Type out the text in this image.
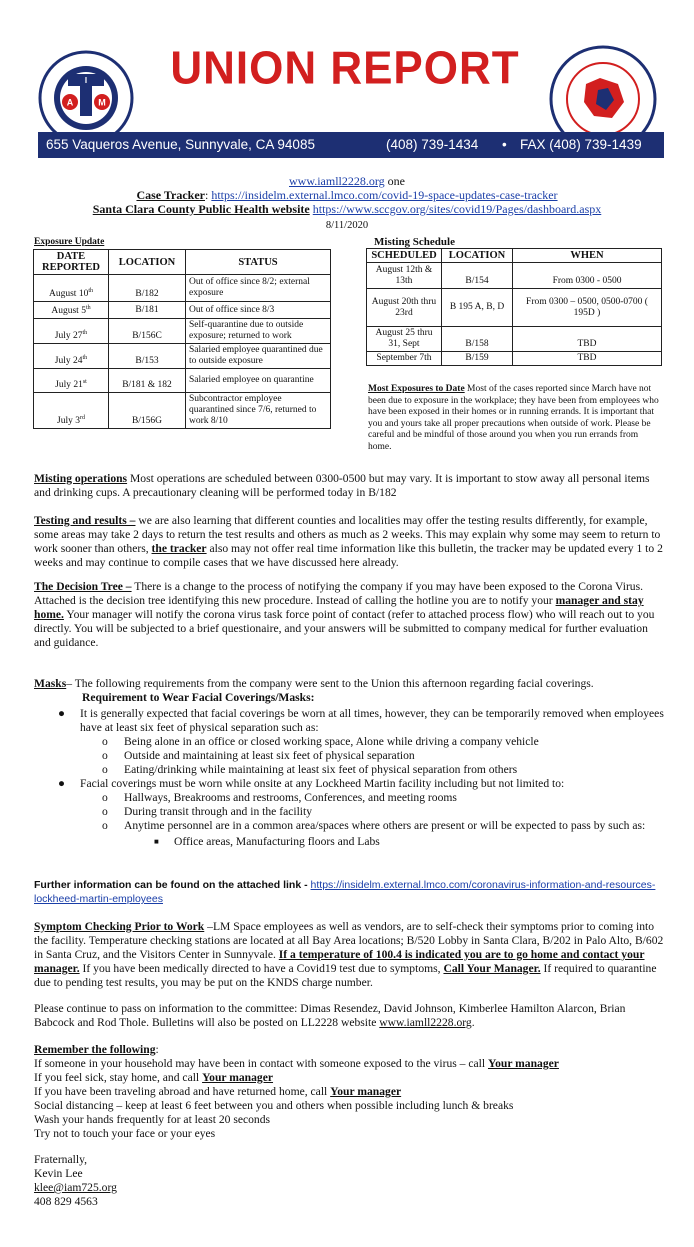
A	M
I	UNION REPORT
655 Vaqueros Avenue, Sunnyvale, CA 94085	(408) 739-1434 • FAX (408) 739-1439
www.iamll2228.org one
Case Tracker: https://insidelm.external.lmco.com/covid-19-space-updates-case-tracker
Santa Clara County Public Health website https://www.sccgov.org/sites/covid19/Pages/dashboard.aspx
8/11/2020
Exposure Update
DATE REPORTED	LOCATION	STATUS
August 10th	B/182	Out of office since 8/2; external exposure
August 5th	B/181	Out of office since 8/3
July 27th	B/156C	Self-quarantine due to outside exposure; returned to work
July 24th	B/153	Salaried employee quarantined due to outside exposure
July 21st	B/181 & 182	Salaried employee on quarantine
July 3rd	B/156G	Subcontractor employee quarantined since 7/6, returned to work 8/10
Misting Schedule
SCHEDULED	LOCATION	WHEN
August 12th & 13th	B/154	From 0300 - 0500
August 20th thru 23rd	B 195 A, B, D	From 0300 – 0500, 0500-0700 ( 195D )
August 25 thru 31, Sept	B/158	TBD
September 7th	B/159	TBD
Most Exposures to Date Most of the cases reported since March have not been due to exposure in the workplace; they have been from employees who have been exposed in their homes or in running errands. It is important that you and yours take all proper precautions when outside of work. Please be careful and be mindful of those around you when you run errands from home.
Misting operations Most operations are scheduled between 0300-0500 but may vary. It is important to stow away all personal items and drinking cups. A precautionary cleaning will be performed today in B/182
Testing and results – we are also learning that different counties and localities may offer the testing results differently, for example, some areas may take 2 days to return the test results and others as much as 2 weeks. This may explain why some may seem to return to work sooner than others, the tracker also may not offer real time information like this bulletin, the tracker may be updated every 1 to 2 weeks and may continue to compile cases that we have discussed here already.
The Decision Tree – There is a change to the process of notifying the company if you may have been exposed to the Corona Virus. Attached is the decision tree identifying this new procedure. Instead of calling the hotline you are to notify your manager and stay home. Your manager will notify the corona virus task force point of contact (refer to attached process flow) who will reach out to you directly. You will be subjected to a brief questionaire, and your answers will be submitted to company medical for further evaluation and guidance.
Masks– The following requirements from the company were sent to the Union this afternoon regarding facial coverings.
Requirement to Wear Facial Coverings/Masks:
● It is generally expected that facial coverings be worn at all times, however, they can be temporarily removed when employees have at least six feet of physical separation such as:
o Being alone in an office or closed working space, Alone while driving a company vehicle
o Outside and maintaining at least six feet of physical separation
o Eating/drinking while maintaining at least six feet of physical separation from others
● Facial coverings must be worn while onsite at any Lockheed Martin facility including but not limited to:
o Hallways, Breakrooms and restrooms, Conferences, and meeting rooms
o During transit through and in the facility
o Anytime personnel are in a common area/spaces where others are present or will be expected to pass by such as:
■ Office areas, Manufacturing floors and Labs
Further information can be found on the attached link - https://insidelm.external.lmco.com/coronavirus-information-and-resources-lockheed-martin-employees
Symptom Checking Prior to Work –LM Space employees as well as vendors, are to self-check their symptoms prior to coming into the facility. Temperature checking stations are located at all Bay Area locations; B/520 Lobby in Santa Clara, B/202 in Palo Alto, B/602 in Santa Cruz, and the Visitors Center in Sunnyvale. If a temperature of 100.4 is indicated you are to go home and contact your manager. If you have been medically directed to have a Covid19 test due to symptoms, Call Your Manager. If required to quarantine due to pending test results, you may be put on the KNDS charge number.
Please continue to pass on information to the committee: Dimas Resendez, David Johnson, Kimberlee Hamilton Alarcon, Brian Babcock and Rod Thole. Bulletins will also be posted on LL2228 website www.iamll2228.org.
Remember the following:
If someone in your household may have been in contact with someone exposed to the virus – call Your manager
If you feel sick, stay home, and call Your manager
If you have been traveling abroad and have returned home, call Your manager
Social distancing – keep at least 6 feet between you and others when possible including lunch & breaks
Wash your hands frequently for at least 20 seconds
Try not to touch your face or your eyes
Fraternally,
Kevin Lee
klee@iam725.org
408 829 4563
